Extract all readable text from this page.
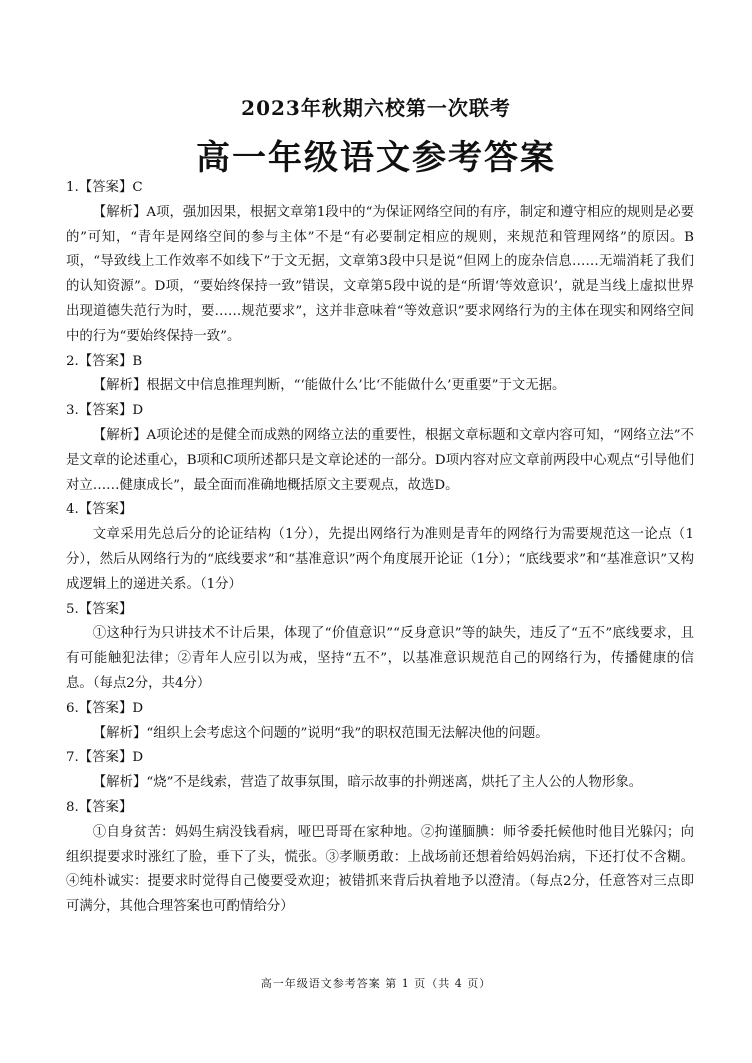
2023年秋期六校第一次联考
高一年级语文参考答案

1.【答案】C

【解析】A项，强加因果，根据文章第1段中的“为保证网络空间的有序，制定和遵守相应的规则是必要的”可知，“青年是网络空间的参与主体”不是“有必要制定相应的规则，来规范和管理网络”的原因。B项，“导致线上工作效率不如线下”于文无据，文章第3段中只是说“但网上的庞杂信息……无端消耗了我们的认知资源”。D项，“要始终保持一致”错误，文章第5段中说的是“所谓‘等效意识’，就是当线上虚拟世界出现道德失范行为时，要……规范要求”，这并非意味着“等效意识”要求网络行为的主体在现实和网络空间中的行为“要始终保持一致”。

2.【答案】B

【解析】根据文中信息推理判断，“‘能做什么’比‘不能做什么’更重要”于文无据。

3.【答案】D

【解析】A项论述的是健全而成熟的网络立法的重要性，根据文章标题和文章内容可知，“网络立法”不是文章的论述重心，B项和C项所述都只是文章论述的一部分。D项内容对应文章前两段中心观点“引导他们对立……健康成长”，最全面而准确地概括原文主要观点，故选D。

4.【答案】

文章采用先总后分的论证结构（1分），先提出网络行为准则是青年的网络行为需要规范这一论点（1分），然后从网络行为的“底线要求”和“基准意识”两个角度展开论证（1分）；“底线要求”和“基准意识”又构成逻辑上的递进关系。（1分）

5.【答案】

①这种行为只讲技术不计后果，体现了“价值意识”“反身意识”等的缺失，违反了“五不”底线要求，且有可能触犯法律；②青年人应引以为戒，坚持“五不”，以基准意识规范自己的网络行为，传播健康的信息。（每点2分，共4分）

6.【答案】D

【解析】“组织上会考虑这个问题的”说明“我”的职权范围无法解决他的问题。

7.【答案】D

【解析】“烧”不是线索，营造了故事氛围，暗示故事的扑朔迷离，烘托了主人公的人物形象。

8.【答案】

①自身贫苦：妈妈生病没钱看病，哑巴哥哥在家种地。②拘谨腼腆：师爷委托候他时他目光躲闪；向组织提要求时涨红了脸，垂下了头，慌张。③孝顺勇敢：上战场前还想着给妈妈治病，下还打仗不含糊。④纯朴诚实：提要求时觉得自己傻要受欢迎；被错抓来背后执着地予以澄清。（每点2分，任意答对三点即可满分，其他合理答案也可酌情给分）

高一年级语文参考答案 第 1 页（共 4 页）
